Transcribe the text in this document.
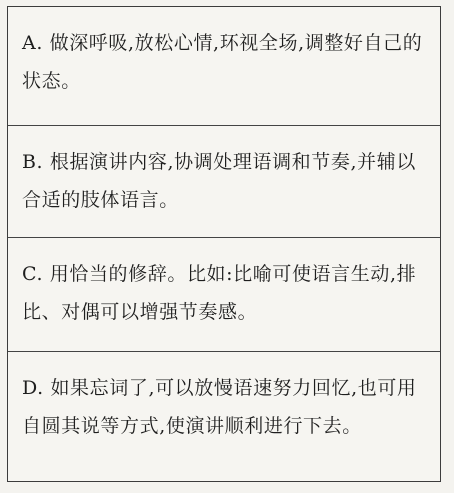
A. 做深呼吸,放松心情,环视全场,调整好自己的状态。
B. 根据演讲内容,协调处理语调和节奏,并辅以合适的肢体语言。
C. 用恰当的修辞。比如:比喻可使语言生动,排比、对偶可以增强节奏感。
D. 如果忘词了,可以放慢语速努力回忆,也可用自圆其说等方式,使演讲顺利进行下去。
